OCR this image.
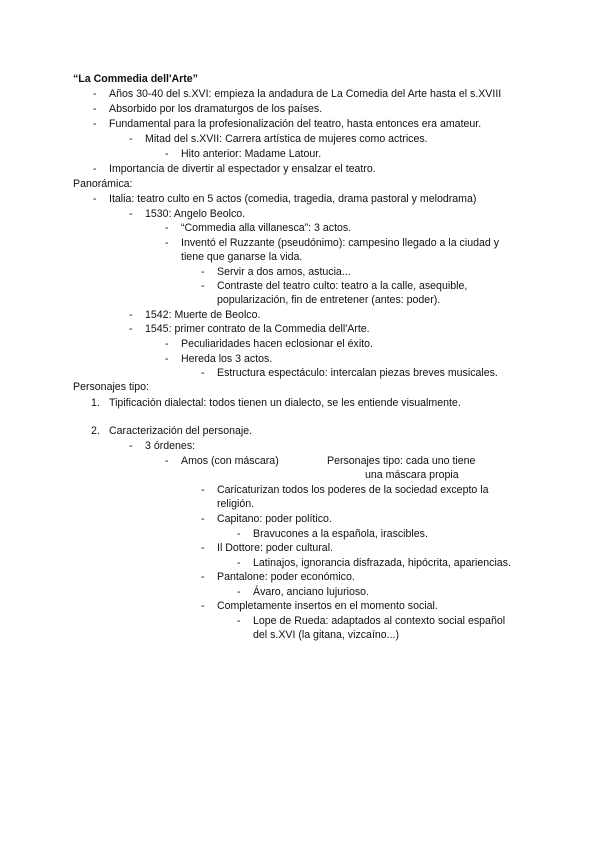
“La Commedia dell'Arte”
- Años 30-40 del s.XVI: empieza la andadura de La Comedia del Arte hasta el s.XVIII
- Absorbido por los dramaturgos de los países.
- Fundamental para la profesionalización del teatro, hasta entonces era amateur.
- Mitad del s.XVII: Carrera artística de mujeres como actrices.
- Hito anterior: Madame Latour.
- Importancia de divertir al espectador y ensalzar el teatro.
Panorámica:
- Italia: teatro culto en 5 actos (comedia, tragedia, drama pastoral y melodrama)
- 1530: Angelo Beolco.
- “Commedia alla villanesca”: 3 actos.
- Inventó el Ruzzante (pseudónimo): campesino llegado a la ciudad y
tiene que ganarse la vida.
- Servir a dos amos, astucia...
- Contraste del teatro culto: teatro a la calle, asequible,
popularización, fin de entretener (antes: poder).
- 1542: Muerte de Beolco.
- 1545: primer contrato de la Commedia dell'Arte.
- Peculiaridades hacen eclosionar el éxito.
- Hereda los 3 actos.
- Estructura espectáculo: intercalan piezas breves musicales.
Personajes tipo:
1. Tipificación dialectal: todos tienen un dialecto, se les entiende visualmente.
2. Caracterización del personaje.
- 3 órdenes:
- Amos (con máscara)	Personajes tipo: cada uno tiene
una máscara propia
- Caricaturizan todos los poderes de la sociedad excepto la
religión.
- Capitano: poder político.
- Bravucones a la española, irascibles.
- Il Dottore: poder cultural.
- Latinajos, ignorancia disfrazada, hipócrita, apariencias.
- Pantalone: poder económico.
- Ávaro, anciano lujurioso.
- Completamente insertos en el momento social.
- Lope de Rueda: adaptados al contexto social español
del s.XVI (la gitana, vizcaíno...)
